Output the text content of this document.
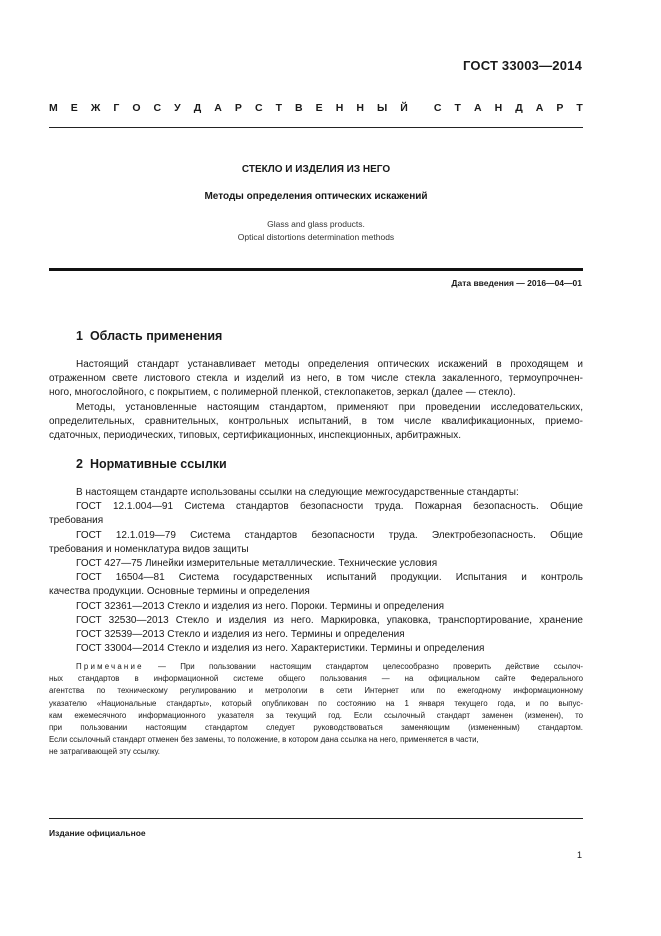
ГОСТ 33003—2014
М Е Ж Г О С У Д А Р С Т В Е Н Н Ы Й С Т А Н Д А Р Т
СТЕКЛО И ИЗДЕЛИЯ ИЗ НЕГО
Методы определения оптических искажений
Glass and glass products.
Optical distortions determination methods
Дата введения — 2016—04—01
1 Область применения
Настоящий стандарт устанавливает методы определения оптических искажений в проходящем и
отраженном свете листового стекла и изделий из него, в том числе стекла закаленного, термоупрочнен-
ного, многослойного, с покрытием, с полимерной пленкой, стеклопакетов, зеркал (далее — стекло).
Методы, установленные настоящим стандартом, применяют при проведении исследовательских,
определительных, сравнительных, контрольных испытаний, в том числе квалификационных, приемо-
сдаточных, периодических, типовых, сертификационных, инспекционных, арбитражных.
2 Нормативные ссылки
В настоящем стандарте использованы ссылки на следующие межгосударственные стандарты:
ГОСТ 12.1.004—91 Система стандартов безопасности труда. Пожарная безопасность. Общие
требования
ГОСТ 12.1.019—79 Система стандартов безопасности труда. Электробезопасность. Общие
требования и номенклатура видов защиты
ГОСТ 427—75 Линейки измерительные металлические. Технические условия
ГОСТ 16504—81 Система государственных испытаний продукции. Испытания и контроль
качества продукции. Основные термины и определения
ГОСТ 32361—2013 Стекло и изделия из него. Пороки. Термины и определения
ГОСТ 32530—2013 Стекло и изделия из него. Маркировка, упаковка, транспортирование, хранение
ГОСТ 32539—2013 Стекло и изделия из него. Термины и определения
ГОСТ 33004—2014 Стекло и изделия из него. Характеристики. Термины и определения
Примечание — При пользовании настоящим стандартом целесообразно проверить действие ссылоч-
ных стандартов в информационной системе общего пользования — на официальном сайте Федерального
агентства по техническому регулированию и метрологии в сети Интернет или по ежегодному информационному
указателю «Национальные стандарты», который опубликован по состоянию на 1 января текущего года, и по выпус-
кам ежемесячного информационного указателя за текущий год. Если ссылочный стандарт заменен (изменен), то
при пользовании настоящим стандартом следует руководствоваться заменяющим (измененным) стандартом.
Если ссылочный стандарт отменен без замены, то положение, в котором дана ссылка на него, применяется в части,
не затрагивающей эту ссылку.
Издание официальное
1
